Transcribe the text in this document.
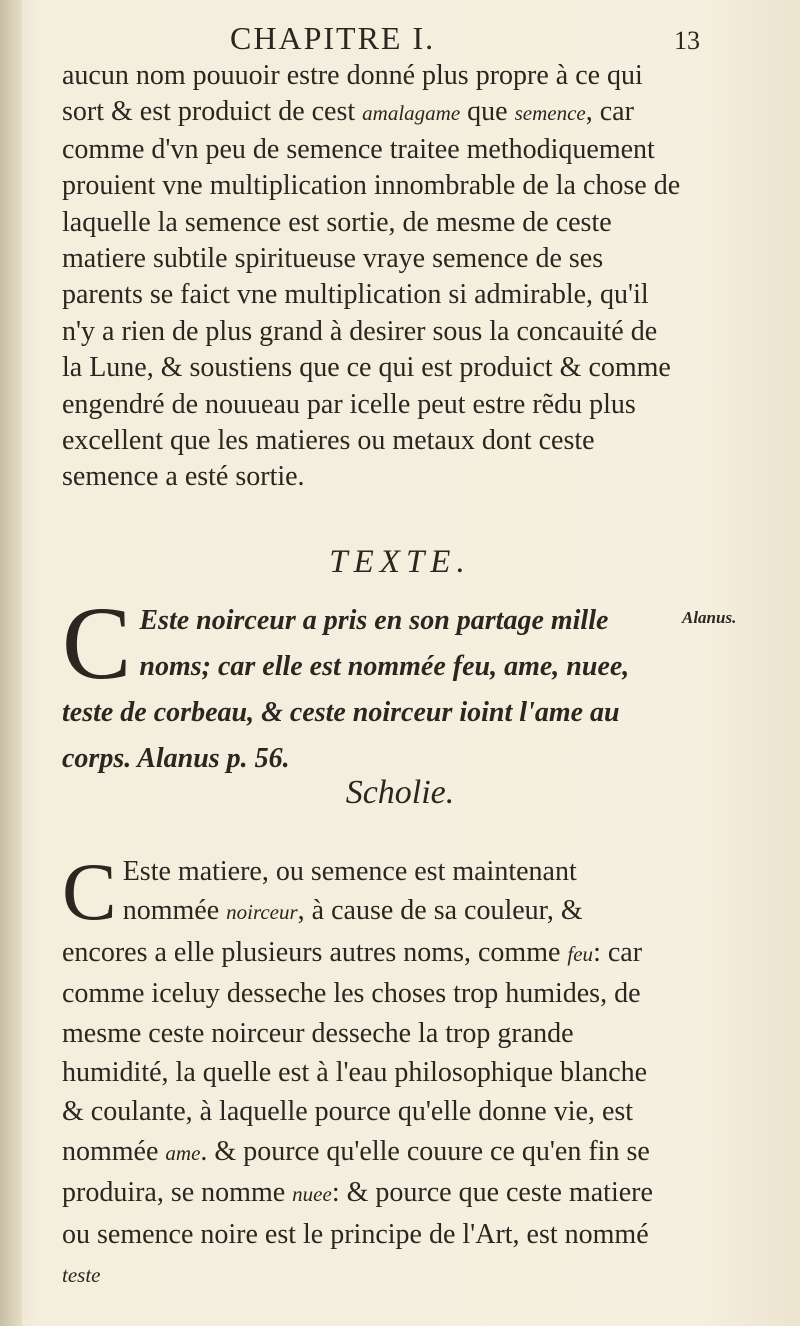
CHAPITRE I.	13

aucun nom pouuoir estre donné plus propre à ce qui sort & est produict de cest amalagame que semence, car comme d'vn peu de semence traitee methodiquement prouient vne multiplication innombrable de la chose de laquelle la semence est sortie, de mesme de ceste matiere subtile spiritueuse vraye semence de ses parents se faict vne multiplication si admirable, qu'il n'y a rien de plus grand à desirer sous la concauité de la Lune, & soustiens que ce qui est produict & comme engendré de nouueau par icelle peut estre rẽdu plus excellent que les matieres ou metaux dont ceste semence a esté sortie.

TEXTE.
C Este noirceur a pris en son partage mille noms; car elle est nommée feu, ame, nuee, teste de corbeau, & ceste noirceur ioint l'ame au corps. Alanus p. 56.
Alanus.
Scholie.

C Este matiere, ou semence est maintenant nommée noirceur, à cause de sa couleur, & encores a elle plusieurs autres noms, comme feu: car comme iceluy desseche les choses trop humides, de mesme ceste noirceur desseche la trop grande humidité, la quelle est à l'eau philosophique blanche & coulante, à laquelle pource qu'elle donne vie, est nommée ame. & pource qu'elle couure ce qu'en fin se produira, se nomme nuee: & pource que ceste matiere ou semence noire est le principe de l'Art, est nommé teste
